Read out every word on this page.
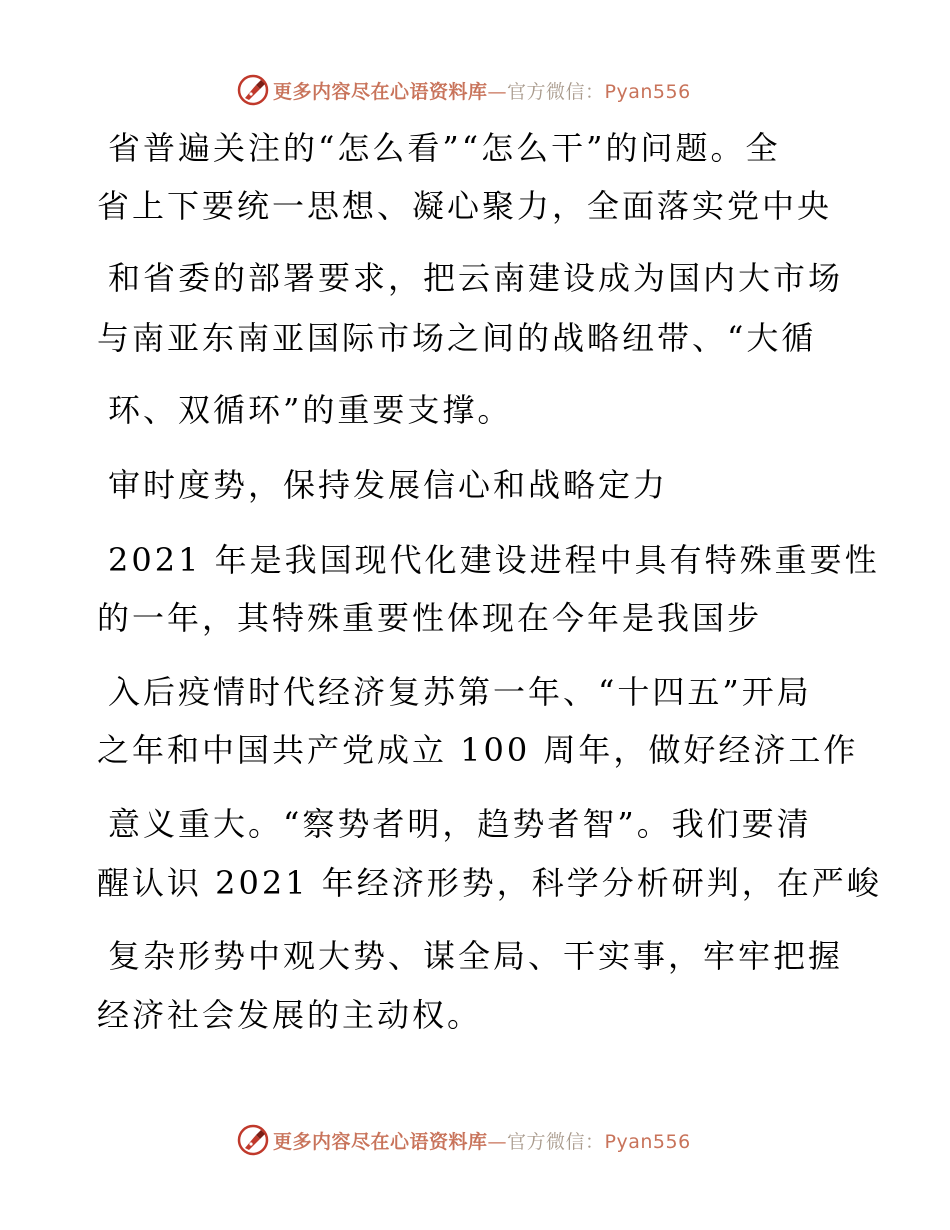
更多内容尽在心语资料库—官方微信：Pyan556
省普遍关注的“怎么看”“怎么干”的问题。全
省上下要统一思想、凝心聚力，全面落实党中央
和省委的部署要求，把云南建设成为国内大市场
与南亚东南亚国际市场之间的战略纽带、“大循
环、双循环”的重要支撑。
审时度势，保持发展信心和战略定力
2021 年是我国现代化建设进程中具有特殊重要性
的一年，其特殊重要性体现在今年是我国步
入后疫情时代经济复苏第一年、“十四五”开局
之年和中国共产党成立 100 周年，做好经济工作
意义重大。“察势者明，趋势者智”。我们要清
醒认识 2021 年经济形势，科学分析研判，在严峻
复杂形势中观大势、谋全局、干实事，牢牢把握
经济社会发展的主动权。
更多内容尽在心语资料库—官方微信：Pyan556
